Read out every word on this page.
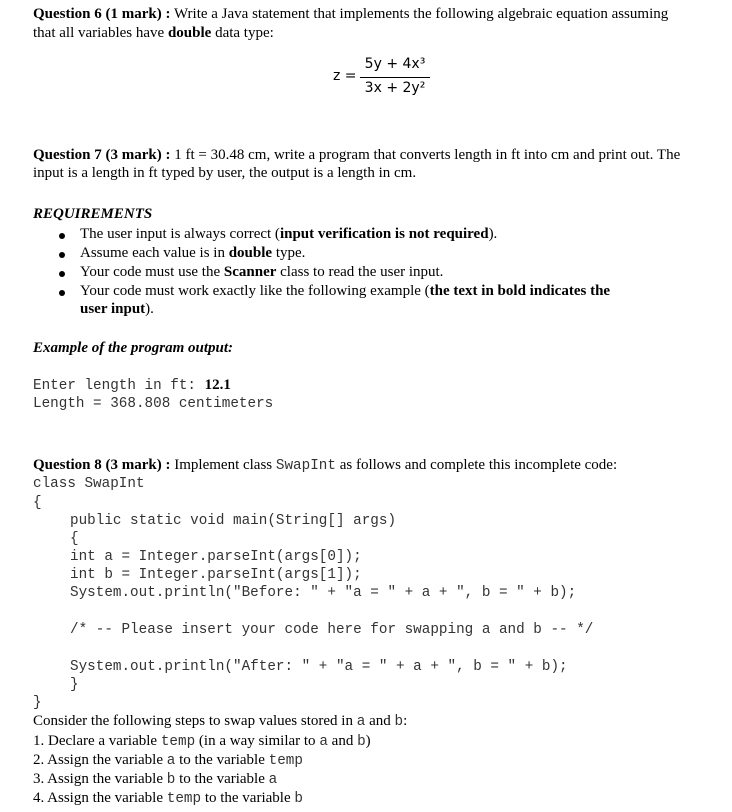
Question 6 (1 mark) : Write a Java statement that implements the following algebraic equation assuming
that all variables have double data type:
z =
5y + 4x³
3x + 2y²
Question 7 (3 mark) : 1 ft = 30.48 cm, write a program that converts length in ft into cm and print out. The
input is a length in ft typed by user, the output is a length in cm.
REQUIREMENTS
The user input is always correct (input verification is not required).
Assume each value is in double type.
Your code must use the Scanner class to read the user input.
Your code must work exactly like the following example (the text in bold indicates the
user input).
Example of the program output:
Enter length in ft: 12.1
Length = 368.808 centimeters
Question 8 (3 mark) : Implement class SwapInt as follows and complete this incomplete code:
class SwapInt
{
public static void main(String[] args)
{
int a = Integer.parseInt(args[0]);
int b = Integer.parseInt(args[1]);
System.out.println("Before: " + "a = " + a + ", b = " + b);
/* -- Please insert your code here for swapping a and b -- */
System.out.println("After: " + "a = " + a + ", b = " + b);
}
}
Consider the following steps to swap values stored in a and b:
1. Declare a variable temp (in a way similar to a and b)
2. Assign the variable a to the variable temp
3. Assign the variable b to the variable a
4. Assign the variable temp to the variable b
